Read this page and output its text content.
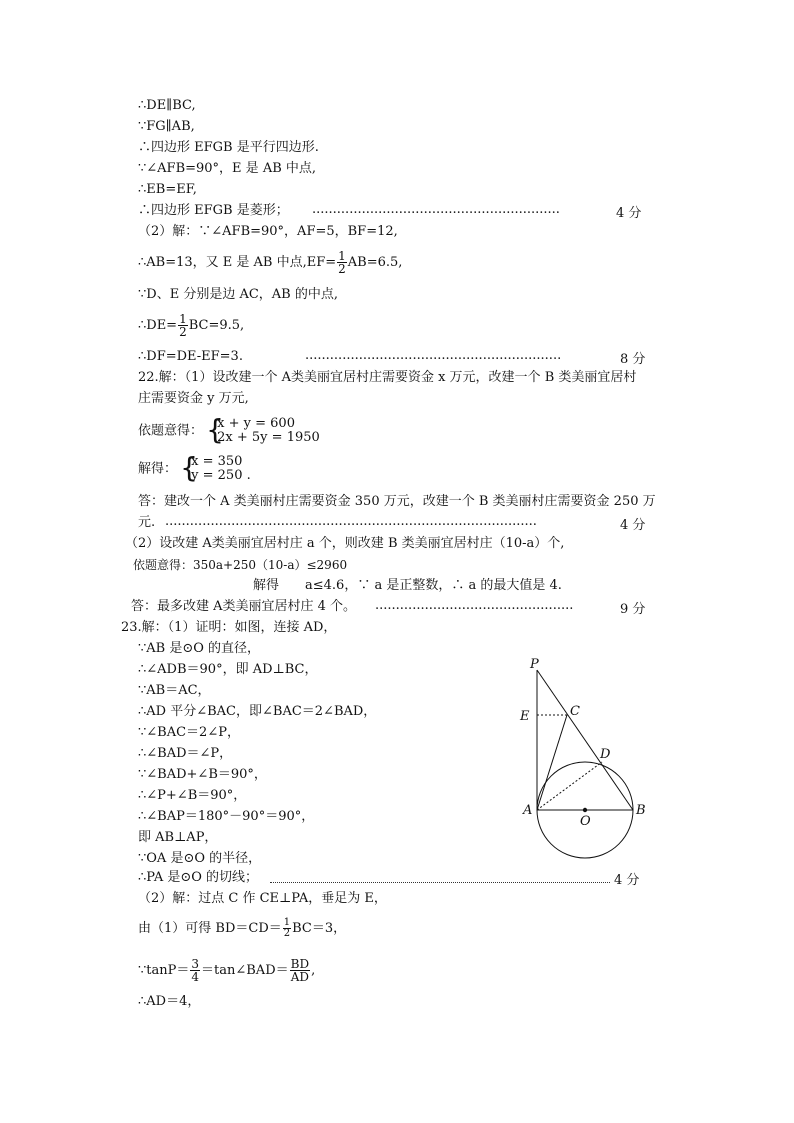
∴DE∥BC,
∵FG∥AB,
∴四边形 EFGB 是平行四边形.
∵∠AFB=90°，E 是 AB 中点,
∴EB=EF,
∴四边形 EFGB 是菱形； ............................................................	4 分
（2）解：∵∠AFB=90°，AF=5，BF=12,
∴AB=13，又 E 是 AB 中点$,EF= \frac{1}{2} AB=6.5$,
∵D、E 分别是边 AC，AB 的中点,
∴DE= $\frac{1}{2} BC=9.5$,
∴DF=DE-EF=3.	..............................................................	8 分
22.解：（1）设改建一个 A类美丽宜居村庄需要资金 x 万元，改建一个 B 类美丽宜居村
庄需要资金 y 万元,
依题意得： { x + y = 600
2x + 5y = 1950
解得： { x = 350
y = 250 .
答：建改一个 A 类美丽村庄需要资金 350 万元，改建一个 B 类美丽村庄需要资金 250 万
元. ..........................................................................................	4 分
（2）设改建 A类美丽宜居村庄 a 个，则改建 B 类美丽宜居村庄（10-a）个,
依题意得：350a+250（10-a）≤2960
解得　　a≤4.6，∵ a 是正整数，∴ a 的最大值是 4.
答：最多改建 A类美丽宜居村庄 4 个。 ................................................	9 分
23.解：（1）证明：如图，连接 AD，
∵AB 是⊙O 的直径，
∴∠ADB＝90°，即 AD⊥BC，
∵AB＝AC，
∴AD 平分∠BAC，即∠BAC＝2∠BAD，
∵∠BAC＝2∠P，
∴∠BAD＝∠P，
∵∠BAD+∠B＝90°，
∴∠P+∠B＝90°，
∴∠BAP＝180°－90°＝90°，
即 AB⊥AP，
∵OA 是⊙O 的半径，
∴PA 是⊙O 的切线；	4 分
（2）解：过点 C 作 CE⊥PA，垂足为 E，
由（1）可得 $BD=CD= \frac{1}{2} BC=3$，
∵tanP＝ $\frac{3}{4}$ ＝tan∠BAD＝ $\frac{BD}{AD}$ ,
∴AD＝4，
P
E	C
D
A
O
B
